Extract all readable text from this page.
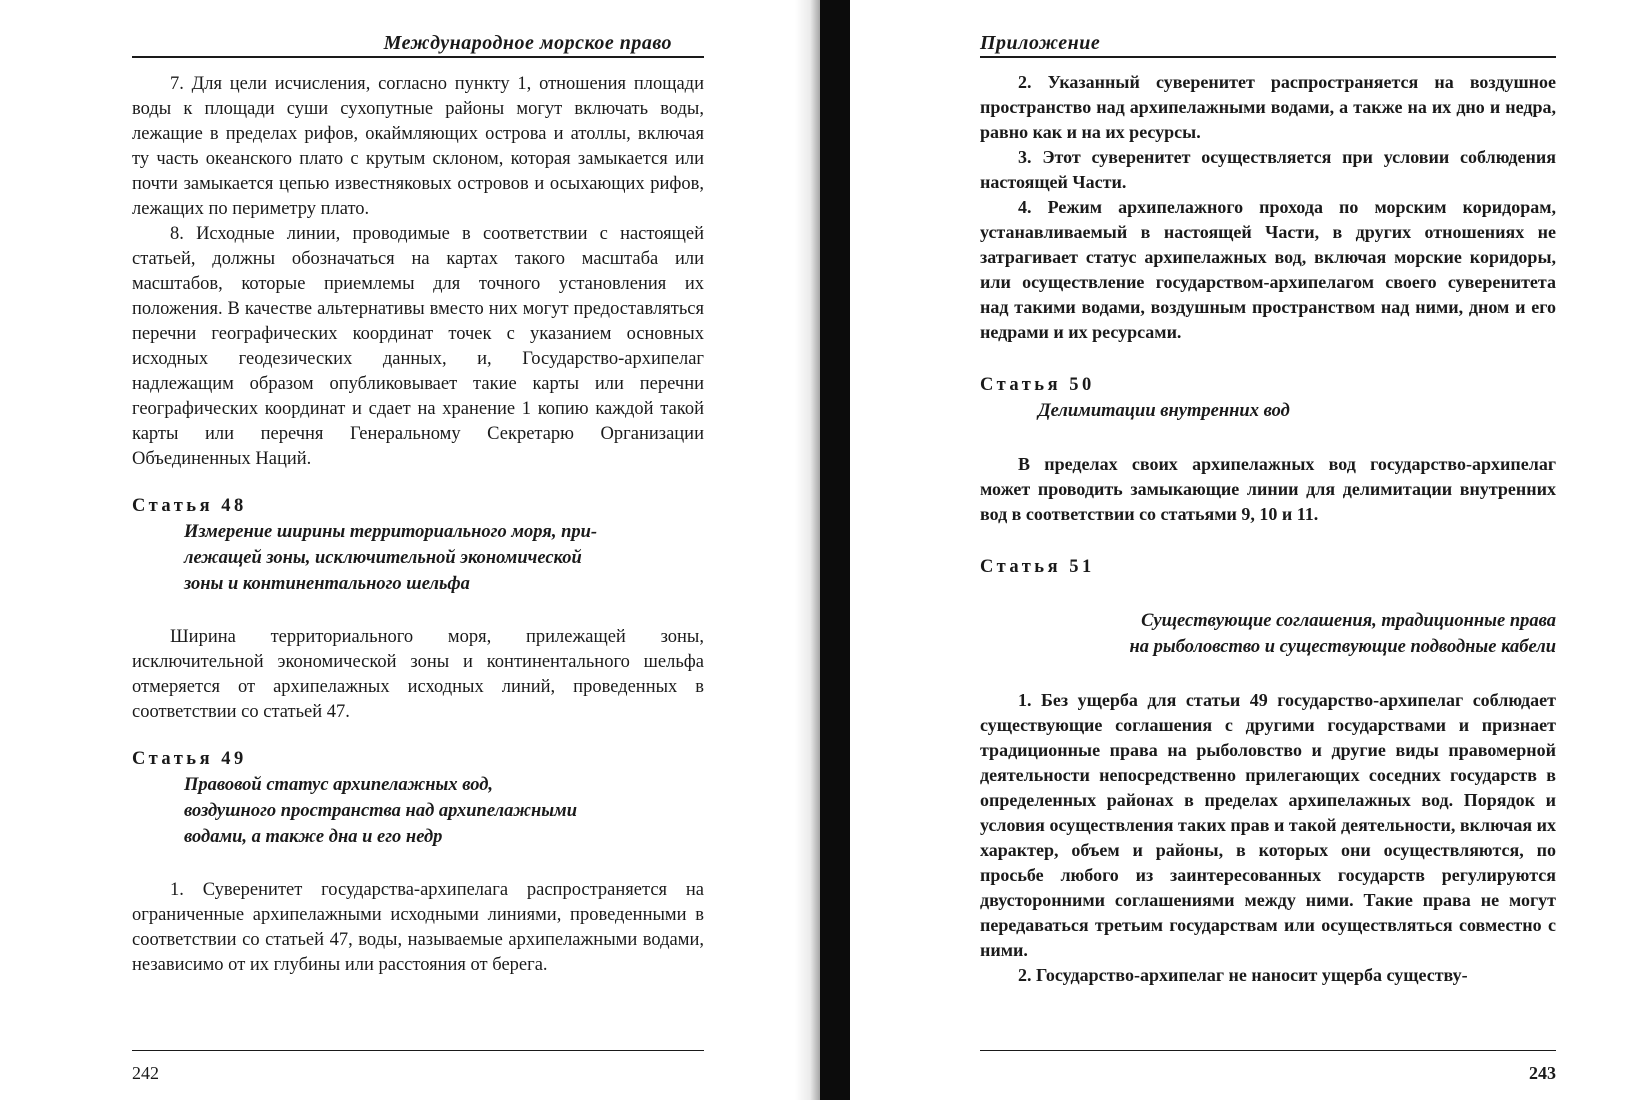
Международное морское право

7. Для цели исчисления, согласно пункту 1, отношения площади воды к площади суши сухопутные районы могут включать воды, лежащие в пределах рифов, окаймляющих острова и атоллы, включая ту часть океанского плато с крутым склоном, которая замыкается или почти замыкается цепью известняковых островов и осыхающих рифов, лежащих по периметру плато.

8. Исходные линии, проводимые в соответствии с настоящей статьей, должны обозначаться на картах такого масштаба или масштабов, которые приемлемы для точного установления их положения. В качестве альтернативы вместо них могут предоставляться перечни географических координат точек с указанием основных исходных геодезических данных, и, Государство-архипелаг надлежащим образом опубликовывает такие карты или перечни географических координат и сдает на хранение 1 копию каждой такой карты или перечня Генеральному Секретарю Организации Объединенных Наций.

Статья 48
Измерение ширины территориального моря, при-
лежащей зоны, исключительной экономической
зоны и континентального шельфа

Ширина территориального моря, прилежащей зоны, исключительной экономической зоны и континентального шельфа отмеряется от архипелажных исходных линий, проведенных в соответствии со статьей 47.

Статья 49
Правовой статус архипелажных вод,
воздушного пространства над архипелажными
водами, а также дна и его недр

1. Суверенитет государства-архипелага распространяется на ограниченные архипелажными исходными линиями, проведенными в соответствии со статьей 47, воды, называемые архипелажными водами, независимо от их глубины или расстояния от берега.

242
Приложение

2. Указанный суверенитет распространяется на воздушное пространство над архипелажными водами, а также на их дно и недра, равно как и на их ресурсы.

3. Этот суверенитет осуществляется при условии соблюдения настоящей Части.

4. Режим архипелажного прохода по морским коридорам, устанавливаемый в настоящей Части, в других отношениях не затрагивает статус архипелажных вод, включая морские коридоры, или осуществление государством-архипелагом своего суверенитета над такими водами, воздушным пространством над ними, дном и его недрами и их ресурсами.

Статья 50
Делимитации внутренних вод

В пределах своих архипелажных вод государство-архипелаг может проводить замыкающие линии для делимитации внутренних вод в соответствии со статьями 9, 10 и 11.

Статья 51
Существующие соглашения, традиционные права
на рыболовство и существующие подводные кабели

1. Без ущерба для статьи 49 государство-архипелаг соблюдает существующие соглашения с другими государствами и признает традиционные права на рыболовство и другие виды правомерной деятельности непосредственно прилегающих соседних государств в определенных районах в пределах архипелажных вод. Порядок и условия осуществления таких прав и такой деятельности, включая их характер, объем и районы, в которых они осуществляются, по просьбе любого из заинтересованных государств регулируются двусторонними соглашениями между ними. Такие права не могут передаваться третьим государствам или осуществляться совместно с ними.

2. Государство-архипелаг не наносит ущерба существу-

243
